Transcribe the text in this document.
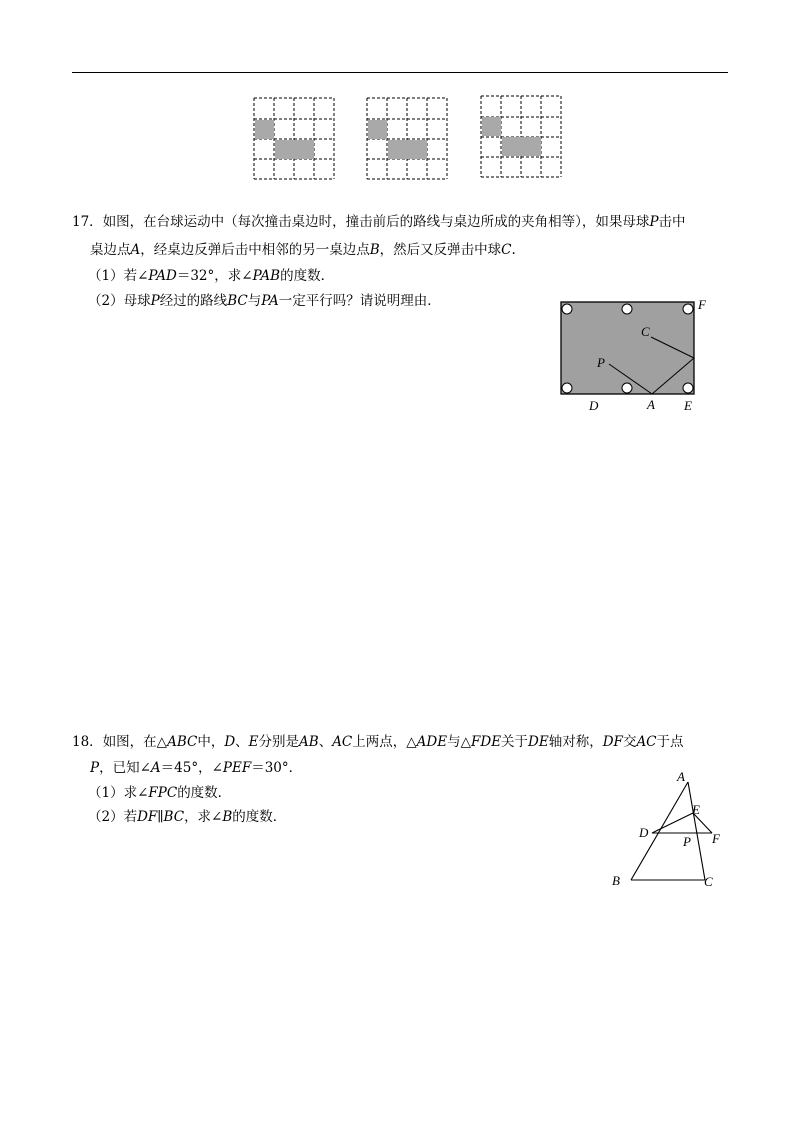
17．如图，在台球运动中（每次撞击桌边时，撞击前后的路线与桌边所成的夹角相等），如果母球P击中
桌边点A，经桌边反弹后击中相邻的另一桌边点B，然后又反弹击中球C.
（1）若∠PAD＝32°，求∠PAB的度数．
（2）母球P经过的路线BC与PA一定平行吗？请说明理由．	F
C
P
D	A E
18．如图，在△ABC中，D、E分别是AB、AC上两点，△ADE与△FDE关于DE轴对称，DF交AC于点
P，已知∠A＝45°，∠PEF＝30°．
（1）求∠FPC的度数．
（2）若DF∥BC，求∠B的度数．
A
E
D	F
P
B	C
